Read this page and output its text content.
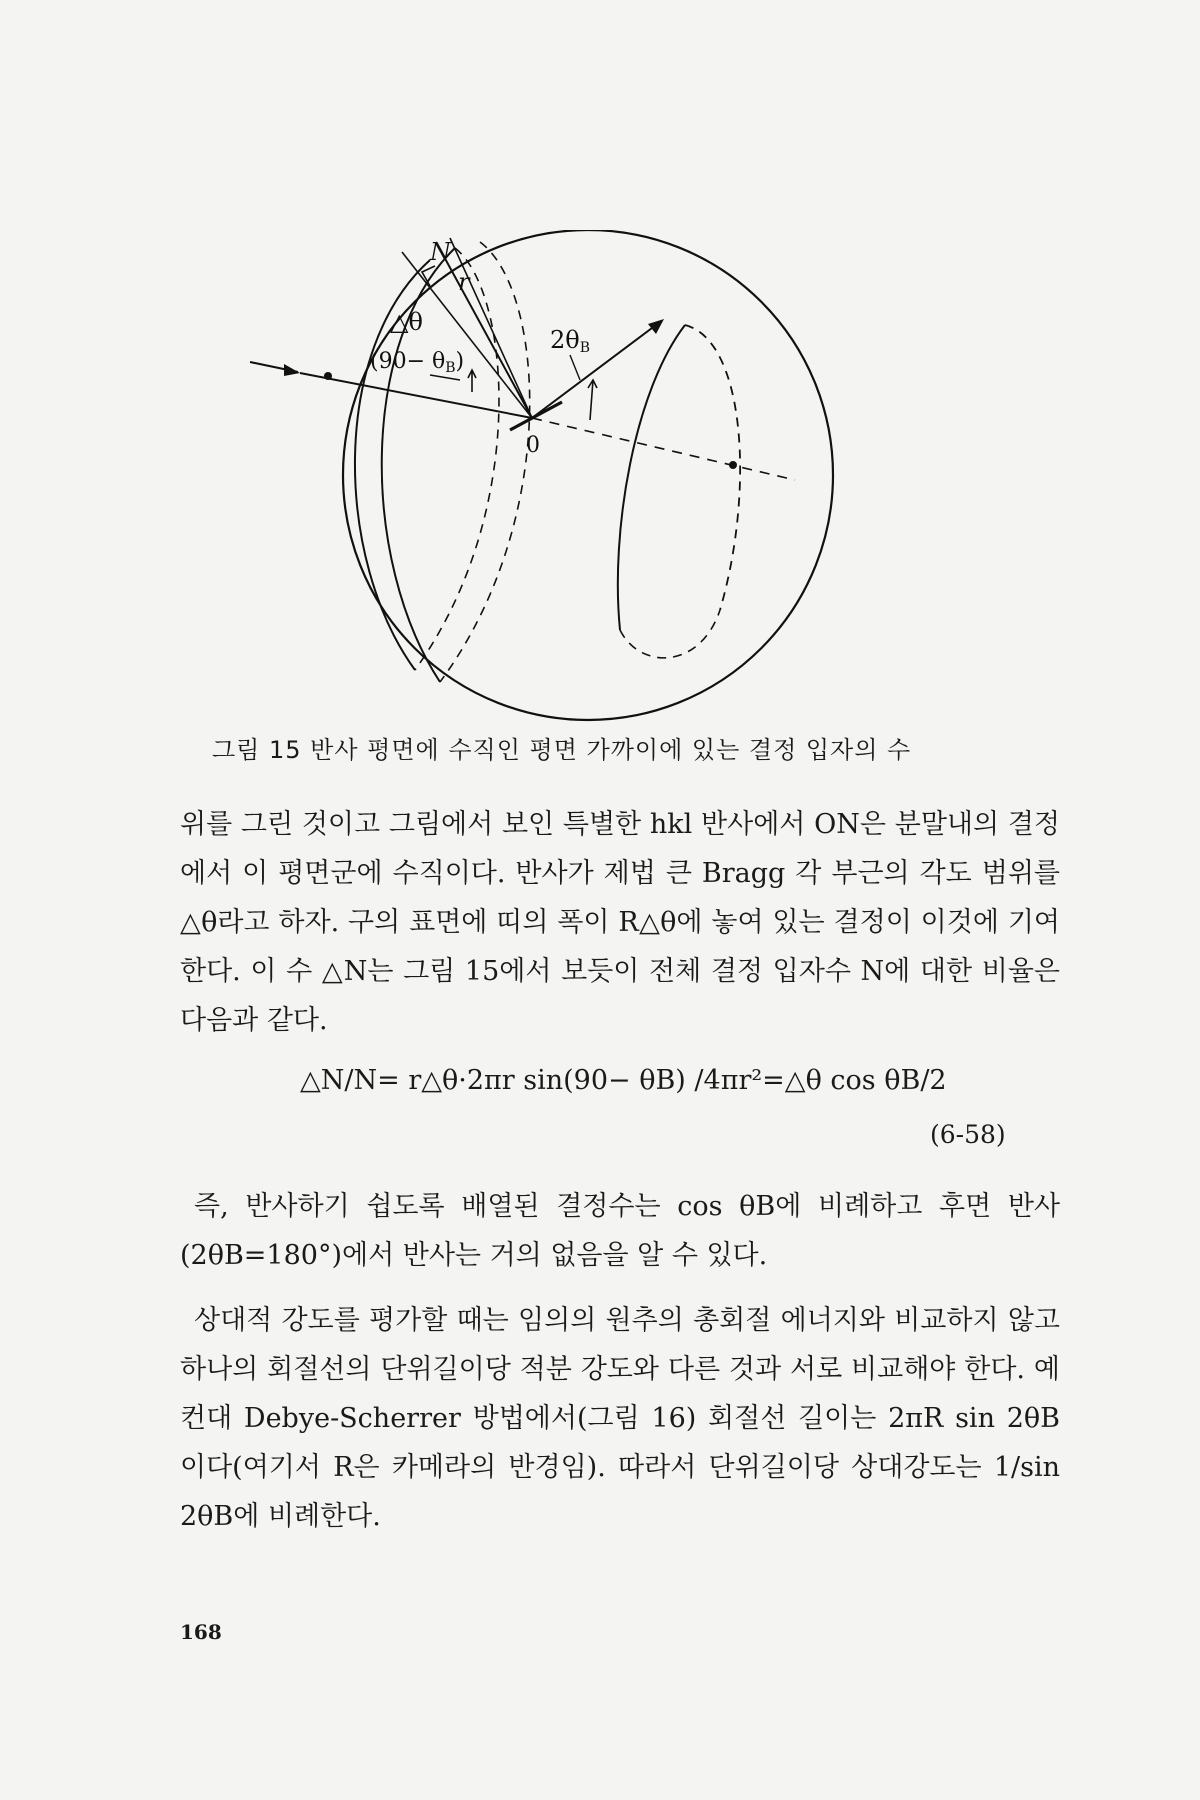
N
r
△θ
(90− θB)
2θB
0
그림 15 반사 평면에 수직인 평면 가까이에 있는 결정 입자의 수
위를 그린 것이고 그림에서 보인 특별한 hkl 반사에서 ON은 분말내의 결정에서 이 평면군에 수직이다. 반사가 제법 큰 Bragg 각 부근의 각도 범위를 △θ라고 하자. 구의 표면에 띠의 폭이 R△θ에 놓여 있는 결정이 이것에 기여한다. 이 수 △N는 그림 15에서 보듯이 전체 결정 입자수 N에 대한 비율은 다음과 같다.
△N/N= r△θ·2πr sin(90− θB) /4πr²=△θ cos θB/2
(6-58)
즉, 반사하기 쉽도록 배열된 결정수는 cos θB에 비례하고 후면 반사 (2θB=180°)에서 반사는 거의 없음을 알 수 있다.
상대적 강도를 평가할 때는 임의의 원추의 총회절 에너지와 비교하지 않고 하나의 회절선의 단위길이당 적분 강도와 다른 것과 서로 비교해야 한다. 예컨대 Debye-Scherrer 방법에서(그림 16) 회절선 길이는 2πR sin 2θB이다(여기서 R은 카메라의 반경임). 따라서 단위길이당 상대강도는 1/sin 2θB에 비례한다.
168
